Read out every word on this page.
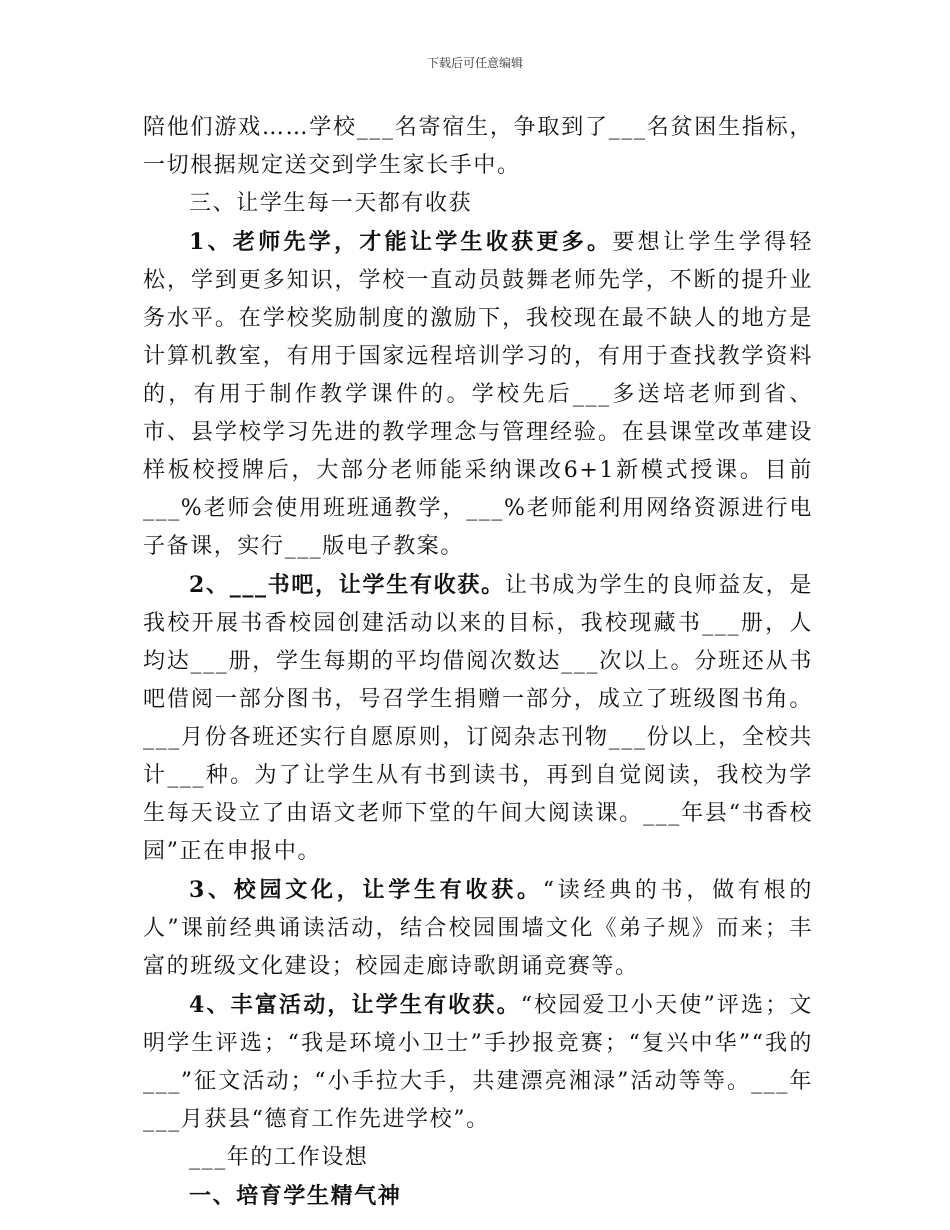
下载后可任意编辑

陪他们游戏……学校___名寄宿生，争取到了___名贫困生指标，一切根据规定送交到学生家长手中。

三、让学生每一天都有收获

1、老师先学，才能让学生收获更多。要想让学生学得轻松，学到更多知识，学校一直动员鼓舞老师先学，不断的提升业务水平。在学校奖励制度的激励下，我校现在最不缺人的地方是计算机教室，有用于国家远程培训学习的，有用于查找教学资料的，有用于制作教学课件的。学校先后___多送培老师到省、市、县学校学习先进的教学理念与管理经验。在县课堂改革建设样板校授牌后，大部分老师能采纳课改6+1新模式授课。目前___%老师会使用班班通教学，___%老师能利用网络资源进行电子备课，实行___版电子教案。

2、___书吧，让学生有收获。让书成为学生的良师益友，是我校开展书香校园创建活动以来的目标，我校现藏书___册，人均达___册，学生每期的平均借阅次数达___次以上。分班还从书吧借阅一部分图书，号召学生捐赠一部分，成立了班级图书角。___月份各班还实行自愿原则，订阅杂志刊物___份以上，全校共计___种。为了让学生从有书到读书，再到自觉阅读，我校为学生每天设立了由语文老师下堂的午间大阅读课。___年县“书香校园”正在申报中。

3、校园文化，让学生有收获。“读经典的书，做有根的人”课前经典诵读活动，结合校园围墙文化《弟子规》而来；丰富的班级文化建设；校园走廊诗歌朗诵竞赛等。

4、丰富活动，让学生有收获。“校园爱卫小天使”评选；文明学生评选；“我是环境小卫士”手抄报竞赛；“复兴中华”“我的___”征文活动；“小手拉大手，共建漂亮湘渌”活动等等。___年___月获县“德育工作先进学校”。

___年的工作设想

一、培育学生精气神
